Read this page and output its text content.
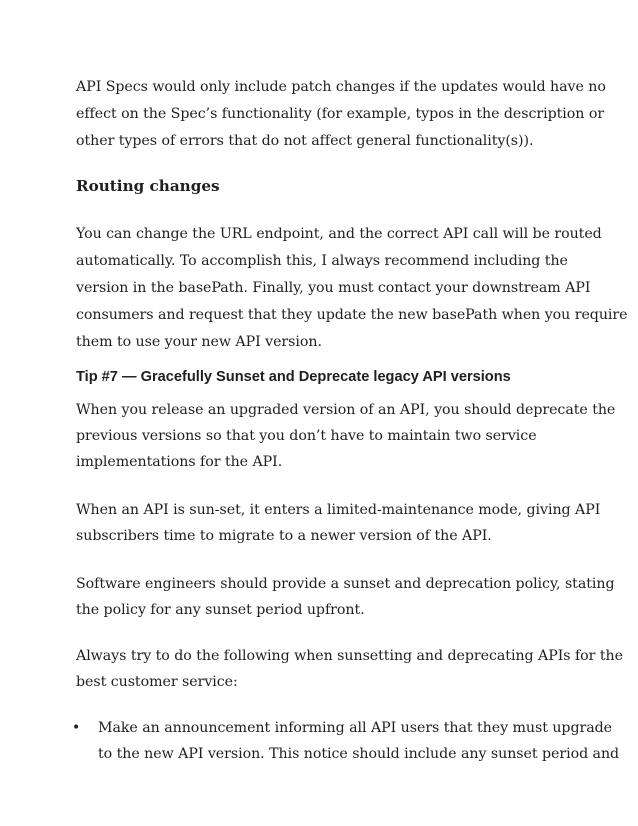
API Specs would only include patch changes if the updates would have no
effect on the Spec’s functionality (for example, typos in the description or
other types of errors that do not affect general functionality(s)).
Routing changes
You can change the URL endpoint, and the correct API call will be routed
automatically. To accomplish this, I always recommend including the
version in the basePath. Finally, you must contact your downstream API
consumers and request that they update the new basePath when you require
them to use your new API version.
Tip #7 — Gracefully Sunset and Deprecate legacy API versions
When you release an upgraded version of an API, you should deprecate the
previous versions so that you don’t have to maintain two service
implementations for the API.
When an API is sun-set, it enters a limited-maintenance mode, giving API
subscribers time to migrate to a newer version of the API.
Software engineers should provide a sunset and deprecation policy, stating
the policy for any sunset period upfront.
Always try to do the following when sunsetting and deprecating APIs for the
best customer service:
• Make an announcement informing all API users that they must upgrade
to the new API version. This notice should include any sunset period and
